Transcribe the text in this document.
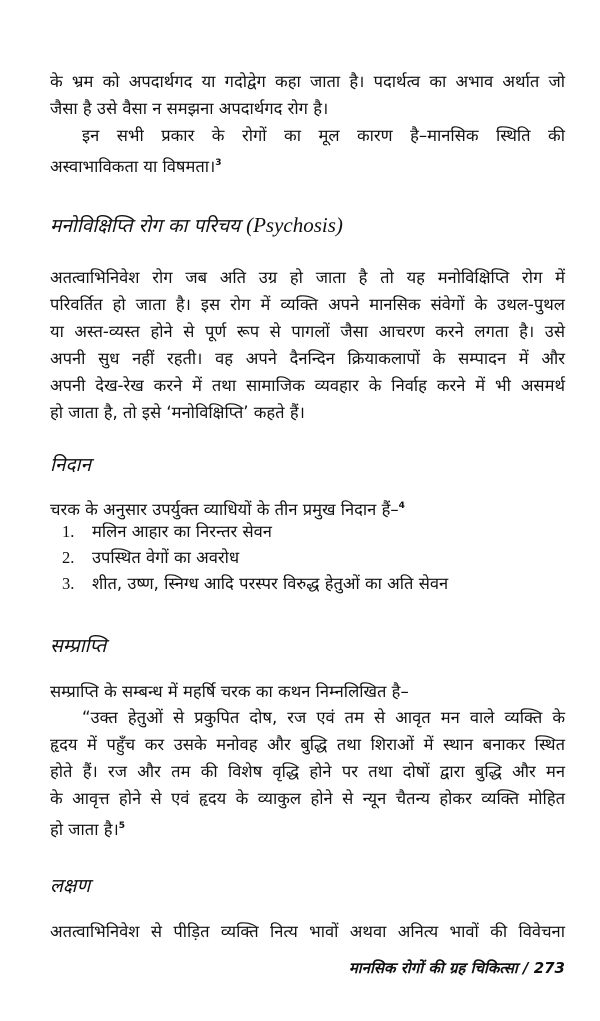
के भ्रम को अपदार्थगद या गदोद्वेग कहा जाता है। पदार्थत्व का अभाव अर्थात जो
जैसा है उसे वैसा न समझना अपदार्थगद रोग है।
इन सभी प्रकार के रोगों का मूल कारण है–मानसिक स्थिति की
अस्वाभाविकता या विषमता।$^3$
मनोविक्षिप्ति रोग का परिचय (Psychosis)
अतत्वाभिनिवेश रोग जब अति उग्र हो जाता है तो यह मनोविक्षिप्ति रोग में
परिवर्तित हो जाता है। इस रोग में व्यक्ति अपने मानसिक संवेगों के उथल-पुथल
या अस्त-व्यस्त होने से पूर्ण रूप से पागलों जैसा आचरण करने लगता है। उसे
अपनी सुध नहीं रहती। वह अपने दैनन्दिन क्रियाकलापों के सम्पादन में और
अपनी देख-रेख करने में तथा सामाजिक व्यवहार के निर्वाह करने में भी असमर्थ
हो जाता है, तो इसे ‘मनोविक्षिप्ति’ कहते हैं।
निदान
चरक के अनुसार उपर्युक्त व्याधियों के तीन प्रमुख निदान हैं–$^4$
1. मलिन आहार का निरन्तर सेवन
2. उपस्थित वेगों का अवरोध
3. शीत, उष्ण, स्निग्ध आदि परस्पर विरुद्ध हेतुओं का अति सेवन
सम्प्राप्ति
सम्प्राप्ति के सम्बन्ध में महर्षि चरक का कथन निम्नलिखित है–
“उक्त हेतुओं से प्रकुपित दोष, रज एवं तम से आवृत मन वाले व्यक्ति के
हृदय में पहुँच कर उसके मनोवह और बुद्धि तथा शिराओं में स्थान बनाकर स्थित
होते हैं। रज और तम की विशेष वृद्धि होने पर तथा दोषों द्वारा बुद्धि और मन
के आवृत्त होने से एवं हृदय के व्याकुल होने से न्यून चैतन्य होकर व्यक्ति मोहित
हो जाता है।$^5$
लक्षण
अतत्वाभिनिवेश से पीड़ित व्यक्ति नित्य भावों अथवा अनित्य भावों की विवेचना
मानसिक रोगों की ग्रह चिकित्सा / 273
